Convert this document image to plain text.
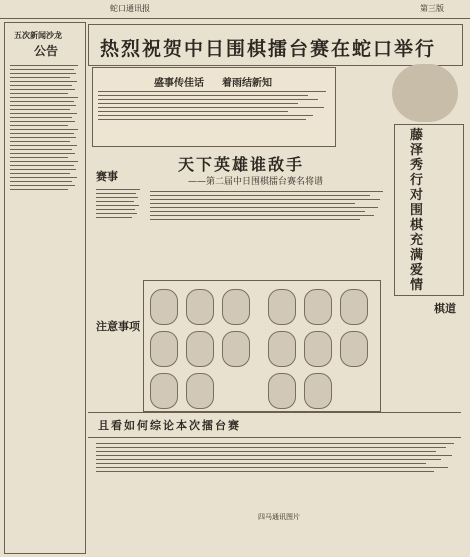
蛇口通讯报	第三版
五次新闻沙龙
公告 热烈祝贺中日围棋擂台赛在蛇口举行
盛事传佳话 着雨结新知
藤泽秀行对围棋充满爱情
棋道
赛事
注意事项
天下英雄谁敌手
——第二届中日围棋擂台赛名将谱
且看如何综论本次擂台赛
四马通讯图片
